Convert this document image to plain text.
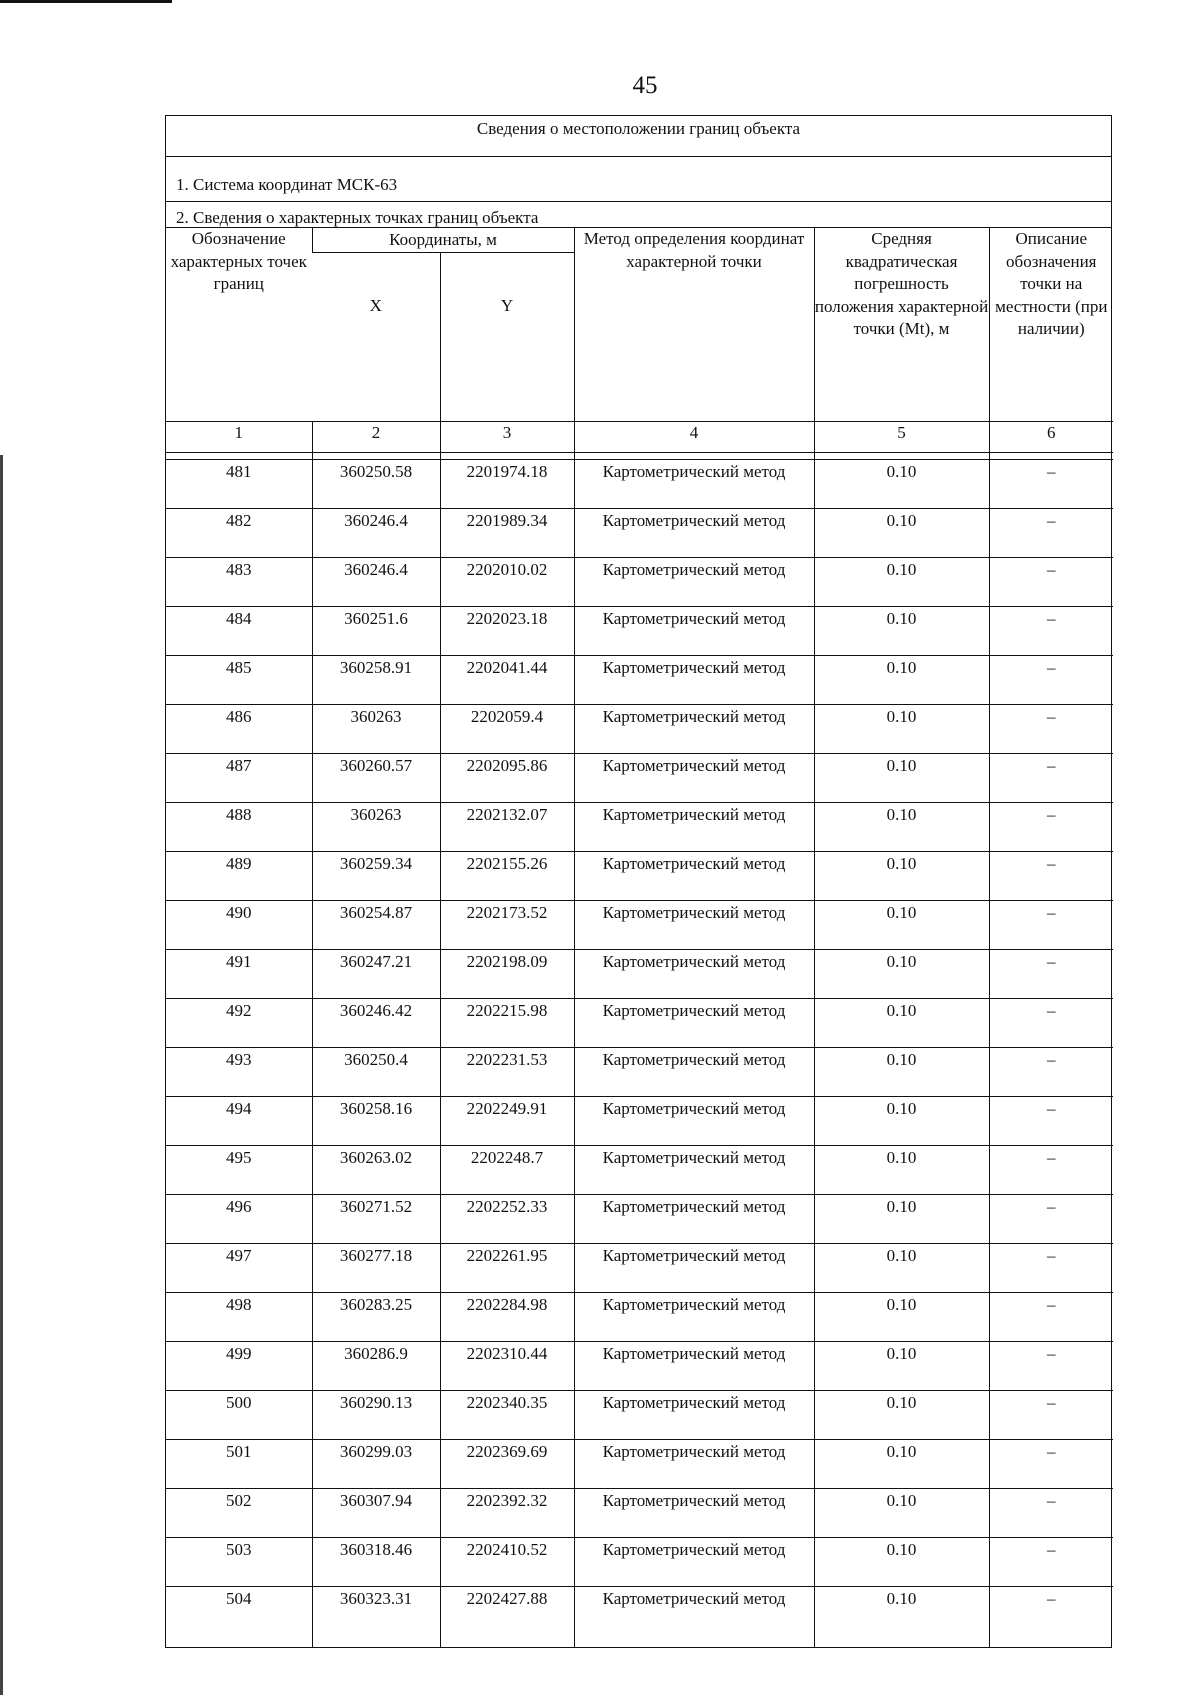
45
Сведения о местоположении границ объекта
1. Система координат МСК-63
2. Сведения о характерных точках границ объекта
Обозначение характерных точек границ	Координаты, м		Метод определения координат характерной точки	Средняя квадратическая погрешность положения характерной точки (Mt), м	Описание обозначения точки на местности (при наличии)
	X	Y			
1	2	3	4	5	6

481	360250.58	2201974.18	Картометрический метод	0.10	–
482	360246.4	2201989.34	Картометрический метод	0.10	–
483	360246.4	2202010.02	Картометрический метод	0.10	–
484	360251.6	2202023.18	Картометрический метод	0.10	–
485	360258.91	2202041.44	Картометрический метод	0.10	–
486	360263	2202059.4	Картометрический метод	0.10	–
487	360260.57	2202095.86	Картометрический метод	0.10	–
488	360263	2202132.07	Картометрический метод	0.10	–
489	360259.34	2202155.26	Картометрический метод	0.10	–
490	360254.87	2202173.52	Картометрический метод	0.10	–
491	360247.21	2202198.09	Картометрический метод	0.10	–
492	360246.42	2202215.98	Картометрический метод	0.10	–
493	360250.4	2202231.53	Картометрический метод	0.10	–
494	360258.16	2202249.91	Картометрический метод	0.10	–
495	360263.02	2202248.7	Картометрический метод	0.10	–
496	360271.52	2202252.33	Картометрический метод	0.10	–
497	360277.18	2202261.95	Картометрический метод	0.10	–
498	360283.25	2202284.98	Картометрический метод	0.10	–
499	360286.9	2202310.44	Картометрический метод	0.10	–
500	360290.13	2202340.35	Картометрический метод	0.10	–
501	360299.03	2202369.69	Картометрический метод	0.10	–
502	360307.94	2202392.32	Картометрический метод	0.10	–
503	360318.46	2202410.52	Картометрический метод	0.10	–
504	360323.31	2202427.88	Картометрический метод	0.10	–
